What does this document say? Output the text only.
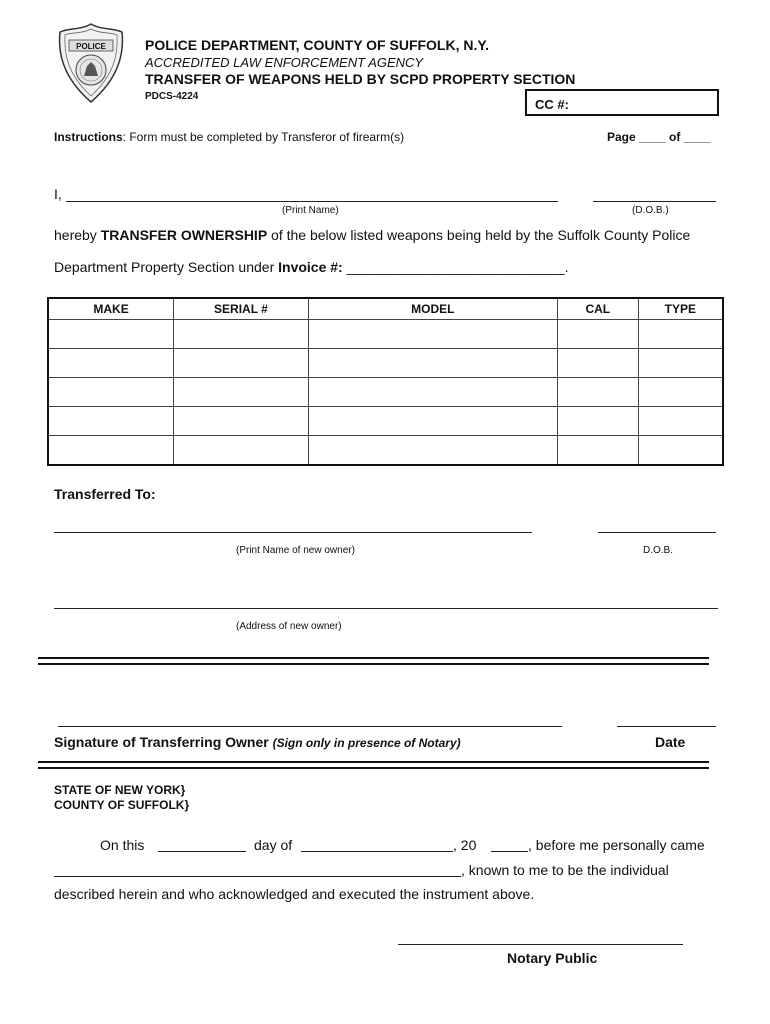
POLICE	POLICE DEPARTMENT, COUNTY OF SUFFOLK, N.Y.
ACCREDITED LAW ENFORCEMENT AGENCY
TRANSFER OF WEAPONS HELD BY SCPD PROPERTY SECTION
PDCS-4224
CC #:
Instructions: Form must be completed by Transferor of firearm(s)	Page ____ of ____
I,
(Print Name)	(D.O.B.)
hereby TRANSFER OWNERSHIP of the below listed weapons being held by the Suffolk County Police
Department Property Section under Invoice #: ____________________________.
MAKE	SERIAL #	MODEL	CAL	TYPE

Transferred To:
(Print Name of new owner)	D.O.B.
(Address of new owner)
Signature of Transferring Owner (Sign only in presence of Notary)	Date
STATE OF NEW YORK}
COUNTY OF SUFFOLK}
On this	day of	, 20	, before me personally came
, known to me to be the individual
described herein and who acknowledged and executed the instrument above.
Notary Public
